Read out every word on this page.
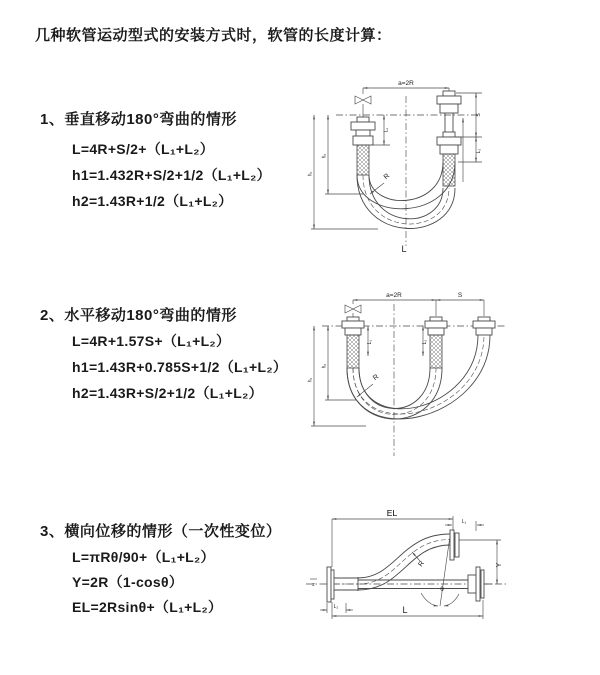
几种软管运动型式的安装方式时，软管的长度计算：
1、垂直移动180°弯曲的情形
L=4R+S/2+（L₁+L₂）
h1=1.432R+S/2+1/2（L₁+L₂）
h2=1.43R+1/2（L₁+L₂）
2、水平移动180°弯曲的情形
L=4R+1.57S+（L₁+L₂）
h1=1.43R+0.785S+1/2（L₁+L₂）
h2=1.43R+S/2+1/2（L₁+L₂）
3、横向位移的情形（一次性变位）
L=πRθ/90+（L₁+L₂）
Y=2R（1-cosθ）
EL=2Rsinθ+（L₁+L₂）
a=2R
L₁
S
L₂
h₁
h₂
R
L
a=2R	S
L₁	L₂
h₁
h₂
R
EL
L₁
Y
z
L₂
θ
R
L
